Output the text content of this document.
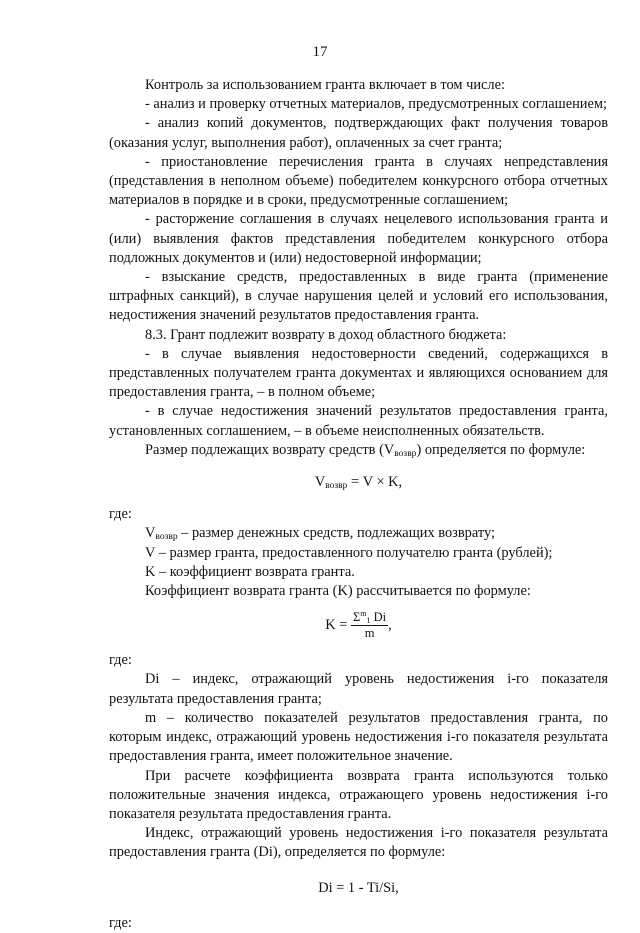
17

Контроль за использованием гранта включает в том числе:

- анализ и проверку отчетных материалов, предусмотренных соглашением;

- анализ копий документов, подтверждающих факт получения товаров (оказания услуг, выполнения работ), оплаченных за счет гранта;

- приостановление перечисления гранта в случаях непредставления (представления в неполном объеме) победителем конкурсного отбора отчетных материалов в порядке и в сроки, предусмотренные соглашением;

- расторжение соглашения в случаях нецелевого использования гранта и (или) выявления фактов представления победителем конкурсного отбора подложных документов и (или) недостоверной информации;

- взыскание средств, предоставленных в виде гранта (применение штрафных санкций), в случае нарушения целей и условий его использования, недостижения значений результатов предоставления гранта.

8.3. Грант подлежит возврату в доход областного бюджета:

- в случае выявления недостоверности сведений, содержащихся в представленных получателем гранта документах и являющихся основанием для предоставления гранта, – в полном объеме;

- в случае недостижения значений результатов предоставления гранта, установленных соглашением, – в объеме неисполненных обязательств.

Размер подлежащих возврату средств $(V_{возвр})$ определяется по формуле:

$V_{возвр} = V \times K$,

где:

$V_{возвр}$ – размер денежных средств, подлежащих возврату;

V – размер гранта, предоставленного получателю гранта (рублей);

K – коэффициент возврата гранта.

Коэффициент возврата гранта (K) рассчитывается по формуле:

$K = \frac{\Sigma^m_1 Di}{m}$ ,

где:

Di – индекс, отражающий уровень недостижения i-го показателя результата предоставления гранта;

m – количество показателей результатов предоставления гранта, по которым индекс, отражающий уровень недостижения i-го показателя результата предоставления гранта, имеет положительное значение.

При расчете коэффициента возврата гранта используются только положительные значения индекса, отражающего уровень недостижения i-го показателя результата предоставления гранта.

Индекс, отражающий уровень недостижения i-го показателя результата предоставления гранта (Di), определяется по формуле:

Di = 1 - Ti/Si,

где:
